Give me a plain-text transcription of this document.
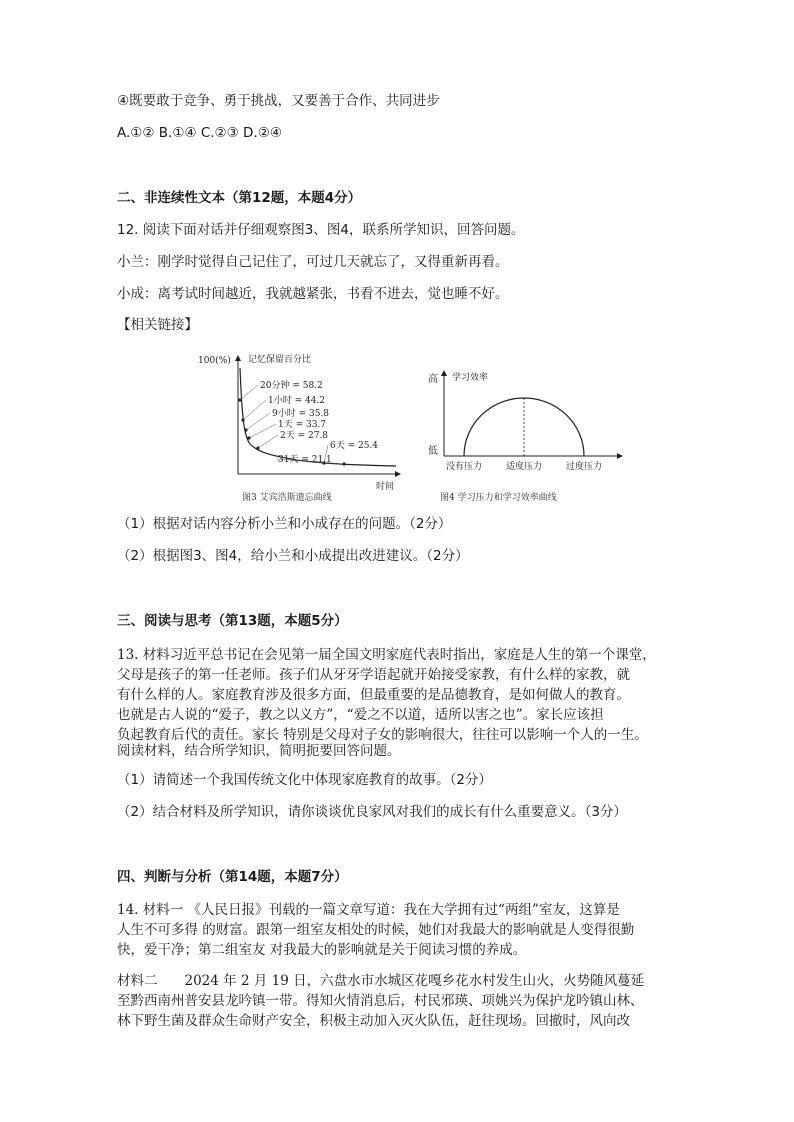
④既要敢于竞争、勇于挑战，又要善于合作、共同进步
A.①② B.①④ C.②③ D.②④
二、非连续性文本（第12题，本题4分）
12. 阅读下面对话并仔细观察图3、图4，联系所学知识，回答问题。
小兰：刚学时觉得自己记住了，可过几天就忘了，又得重新再看。
小成：离考试时间越近，我就越紧张，书看不进去，觉也睡不好。
【相关链接】
100(%) 记忆保留百分比
时间
20分钟 = 58.2
1小时 = 44.2
9小时 = 35.8
1天 = 33.7
2天 = 27.8
6天 = 25.4
31天 = 21.1
图3 艾宾浩斯遗忘曲线
高 学习效率
低
没有压力	适度压力	过度压力
图4 学习压力和学习效率曲线
（1）根据对话内容分析小兰和小成存在的问题。（2分）
（2）根据图3、图4，给小兰和小成提出改进建议。（2分）
三、阅读与思考（第13题，本题5分）
13. 材料习近平总书记在会见第一届全国文明家庭代表时指出，家庭是人生的第一个课堂，
父母是孩子的第一任老师。孩子们从牙牙学语起就开始接受家教，有什么样的家教，就
有什么样的人。家庭教育涉及很多方面，但最重要的是品德教育，是如何做人的教育。
也就是古人说的“爱子，教之以义方”，“爱之不以道，适所以害之也”。家长应该担
负起教育后代的责任。家长 特别是父母对子女的影响很大，往往可以影响一个人的一生。
阅读材料，结合所学知识，简明扼要回答问题。
（1）请简述一个我国传统文化中体现家庭教育的故事。（2分）
（2）结合材料及所学知识，请你谈谈优良家风对我们的成长有什么重要意义。（3分）
四、判断与分析（第14题，本题7分）
14. 材料一 《人民日报》刊载的一篇文章写道：我在大学拥有过“两组”室友，这算是
人生不可多得 的财富。跟第一组室友相处的时候，她们对我最大的影响就是人变得很勤
快，爱干净；第二组室友 对我最大的影响就是关于阅读习惯的养成。
材料二　　2024 年 2 月 19 日，六盘水市水城区花嘎乡花水村发生山火，火势随风蔓延
至黔西南州普安县龙吟镇一带。得知火情消息后，村民邪瑛、项姚兴为保护龙吟镇山林、
林下野生菌及群众生命财产安全，积极主动加入灭火队伍，赶往现场。回撤时，风向改
